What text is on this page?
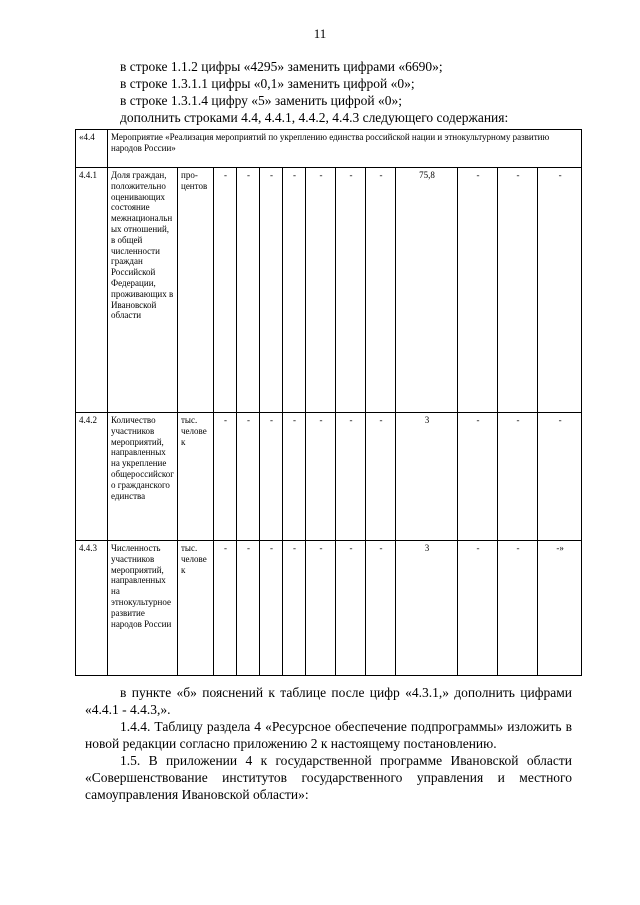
11

в строке 1.1.2 цифры «4295» заменить цифрами «6690»;

в строке 1.3.1.1 цифры «0,1» заменить цифрой «0»;

в строке 1.3.1.4 цифру «5» заменить цифрой «0»;

дополнить строками 4.4, 4.4.1, 4.4.2, 4.4.3 следующего содержания:

«4.4	Мероприятие «Реализация мероприятий по укреплению единства российской нации и этнокультурному развитию народов России»												
4.4.1	Доля граждан, положительно оценивающих состояние межнациональных отношений, в общей численности граждан Российской Федерации, проживающих в Ивановской области	про- центов	-	-	-	-	-	-	-	75,8	-	-	-
4.4.2	Количество участников мероприятий, направленных на укрепление общероссийского гражданского единства	тыс. человек	-	-	-	-	-	-	-	3	-	-	-
4.4.3	Численность участников мероприятий, направленных на этнокультурное развитие народов России	тыс. человек	-	-	-	-	-	-	-	3	-	-	-»

в пункте «б» пояснений к таблице после цифр «4.3.1,» дополнить цифрами «4.4.1 - 4.4.3,».

1.4.4. Таблицу раздела 4 «Ресурсное обеспечение подпрограммы» изложить в новой редакции согласно приложению 2 к настоящему постановлению.

1.5. В приложении 4 к государственной программе Ивановской области «Совершенствование институтов государственного управления и местного самоуправления Ивановской области»:
